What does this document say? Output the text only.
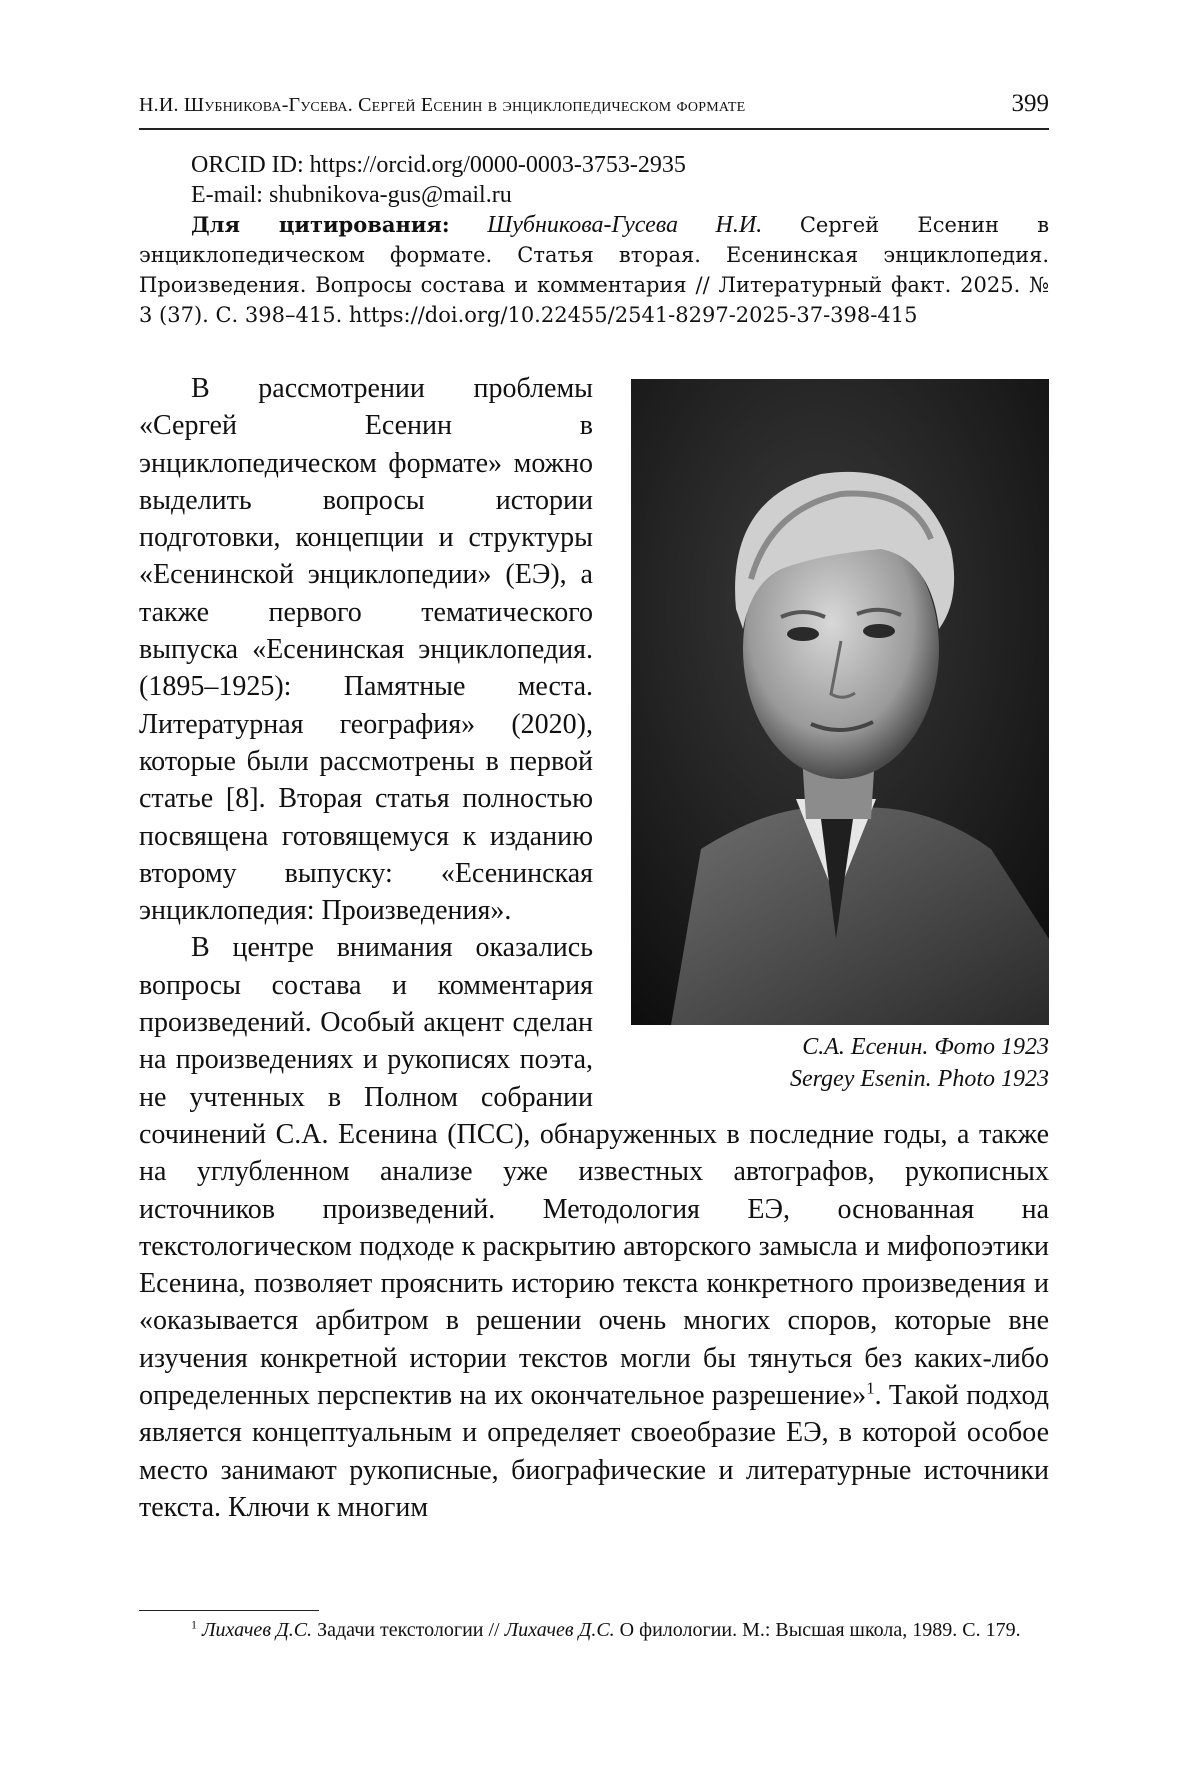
Н.И. Шубникова-Гусева. Сергей Есенин в энциклопедическом формате	399
ORCID ID: https://orcid.org/0000-0003-3753-2935
E-mail: shubnikova-gus@mail.ru
Для цитирования: Шубникова-Гусева Н.И. Сергей Есенин в энциклопедическом формате. Статья вторая. Есенинская энциклопедия. Произведения. Вопросы состава и комментария // Литературный факт. 2025. № 3 (37). С. 398–415. https://doi.org/10.22455/2541-8297-2025-37-398-415
С.А. Есенин. Фото 1923
Sergey Esenin. Photo 1923

В рассмотрении проблемы «Сергей Есенин в энциклопедическом формате» можно выделить вопросы истории подготовки, концепции и структуры «Есенинской энциклопедии» (ЕЭ), а также первого тематического выпуска «Есенинская энциклопедия. (1895–1925): Памятные места. Литературная география» (2020), которые были рассмотрены в первой статье [8]. Вторая статья полностью посвящена готовящемуся к изданию второму выпуску: «Есенинская энциклопедия: Произведения».

В центре внимания оказались вопросы состава и комментария произведений. Особый акцент сделан на произведениях и рукописях поэта, не учтенных в Полном собрании сочинений С.А. Есенина (ПСС), обнаруженных в последние годы, а также на углубленном анализе уже известных автографов, рукописных источников произведений. Методология ЕЭ, основанная на текстологическом подходе к раскрытию авторского замысла и мифопоэтики Есенина, позволяет прояснить историю текста конкретного произведения и «оказывается арбитром в решении очень многих споров, которые вне изучения конкретной истории текстов могли бы тянуться без каких-либо определенных перспектив на их окончательное разрешение»$^1$. Такой подход является концептуальным и определяет своеобразие ЕЭ, в которой особое место занимают рукописные, биографические и литературные источники текста. Ключи к многим

$^1$ Лихачев Д.С. Задачи текстологии // Лихачев Д.С. О филологии. М.: Высшая школа, 1989. С. 179.
